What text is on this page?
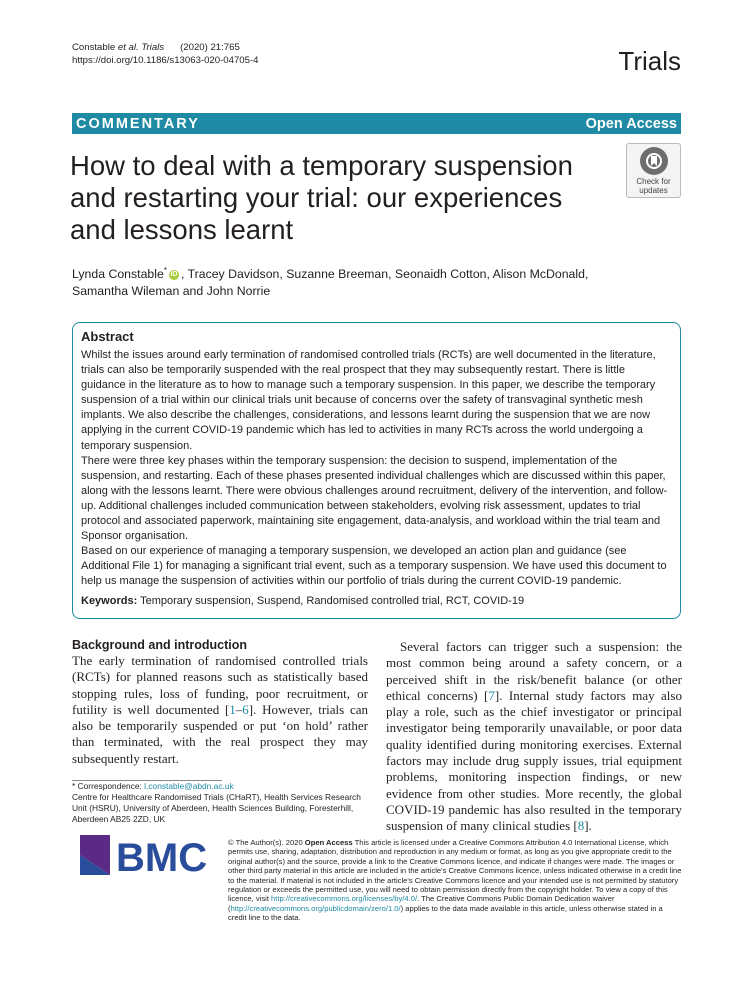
Constable et al. Trials (2020) 21:765
https://doi.org/10.1186/s13063-020-04705-4	Trials
COMMENTARY	Open Access
How to deal with a temporary suspension and restarting your trial: our experiences and lessons learnt
Check for
updates
Lynda Constable* iD , Tracey Davidson, Suzanne Breeman, Seonaidh Cotton, Alison McDonald, Samantha Wileman and John Norrie
Abstract

Whilst the issues around early termination of randomised controlled trials (RCTs) are well documented in the literature, trials can also be temporarily suspended with the real prospect that they may subsequently restart. There is little guidance in the literature as to how to manage such a temporary suspension. In this paper, we describe the temporary suspension of a trial within our clinical trials unit because of concerns over the safety of transvaginal synthetic mesh implants. We also describe the challenges, considerations, and lessons learnt during the suspension that we are now applying in the current COVID-19 pandemic which has led to activities in many RCTs across the world undergoing a temporary suspension.

There were three key phases within the temporary suspension: the decision to suspend, implementation of the suspension, and restarting. Each of these phases presented individual challenges which are discussed within this paper, along with the lessons learnt. There were obvious challenges around recruitment, delivery of the intervention, and follow-up. Additional challenges included communication between stakeholders, evolving risk assessment, updates to trial protocol and associated paperwork, maintaining site engagement, data-analysis, and workload within the trial team and Sponsor organisation.

Based on our experience of managing a temporary suspension, we developed an action plan and guidance (see Additional File 1) for managing a significant trial event, such as a temporary suspension. We have used this document to help us manage the suspension of activities within our portfolio of trials during the current COVID-19 pandemic.

Keywords: Temporary suspension, Suspend, Randomised controlled trial, RCT, COVID-19

Background and introduction

The early termination of randomised controlled trials (RCTs) for planned reasons such as statistically based stopping rules, loss of funding, poor recruitment, or futility is well documented [1–6]. However, trials can also be temporarily suspended or put ‘on hold’ rather than terminated, with the real prospect they may subsequently restart.

Several factors can trigger such a suspension: the most common being around a safety concern, or a perceived shift in the risk/benefit balance (or other ethical concerns) [7]. Internal study factors may also play a role, such as the chief investigator or principal investigator being temporarily unavailable, or poor data quality identified during monitoring exercises. External factors may include drug supply issues, trial equipment problems, monitoring inspection findings, or new evidence from other studies. More recently, the global COVID-19 pandemic has also resulted in the temporary suspension of many clinical studies [8].

* Correspondence: l.constable@abdn.ac.uk
Centre for Healthcare Randomised Trials (CHaRT), Health Services Research Unit (HSRU), University of Aberdeen, Health Sciences Building, Foresterhill, Aberdeen AB25 2ZD, UK
BMC	© The Author(s). 2020 Open Access This article is licensed under a Creative Commons Attribution 4.0 International License, which permits use, sharing, adaptation, distribution and reproduction in any medium or format, as long as you give appropriate credit to the original author(s) and the source, provide a link to the Creative Commons licence, and indicate if changes were made. The images or other third party material in this article are included in the article's Creative Commons licence, unless indicated otherwise in a credit line to the material. If material is not included in the article's Creative Commons licence and your intended use is not permitted by statutory regulation or exceeds the permitted use, you will need to obtain permission directly from the copyright holder. To view a copy of this licence, visit http://creativecommons.org/licenses/by/4.0/. The Creative Commons Public Domain Dedication waiver (http://creativecommons.org/publicdomain/zero/1.0/) applies to the data made available in this article, unless otherwise stated in a credit line to the data.
